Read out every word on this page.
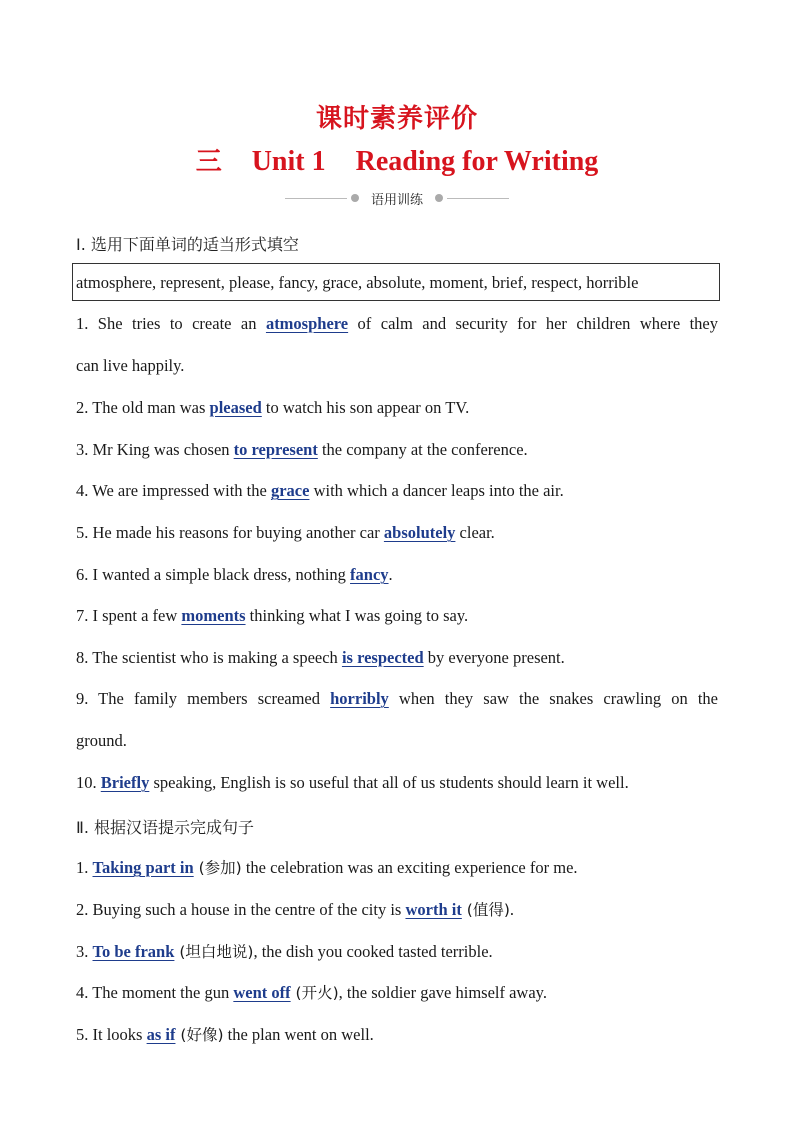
课时素养评价
三 Unit 1 Reading for Writing
语用训练
Ⅰ. 选用下面单词的适当形式填空
atmosphere, represent, please, fancy, grace, absolute, moment, brief, respect, horrible
1. She tries to create an atmosphere of calm and security for her children where they
can live happily.
2. The old man was pleased to watch his son appear on TV.
3. Mr King was chosen to represent the company at the conference.
4. We are impressed with the grace with which a dancer leaps into the air.
5. He made his reasons for buying another car absolutely clear.
6. I wanted a simple black dress, nothing fancy.
7. I spent a few moments thinking what I was going to say.
8. The scientist who is making a speech is respected by everyone present.
9. The family members screamed horribly when they saw the snakes crawling on the
ground.
10. Briefly speaking, English is so useful that all of us students should learn it well.
Ⅱ. 根据汉语提示完成句子
1. Taking part in (参加) the celebration was an exciting experience for me.
2. Buying such a house in the centre of the city is worth it (值得).
3. To be frank (坦白地说), the dish you cooked tasted terrible.
4. The moment the gun went off (开火), the soldier gave himself away.
5. It looks as if (好像) the plan went on well.
